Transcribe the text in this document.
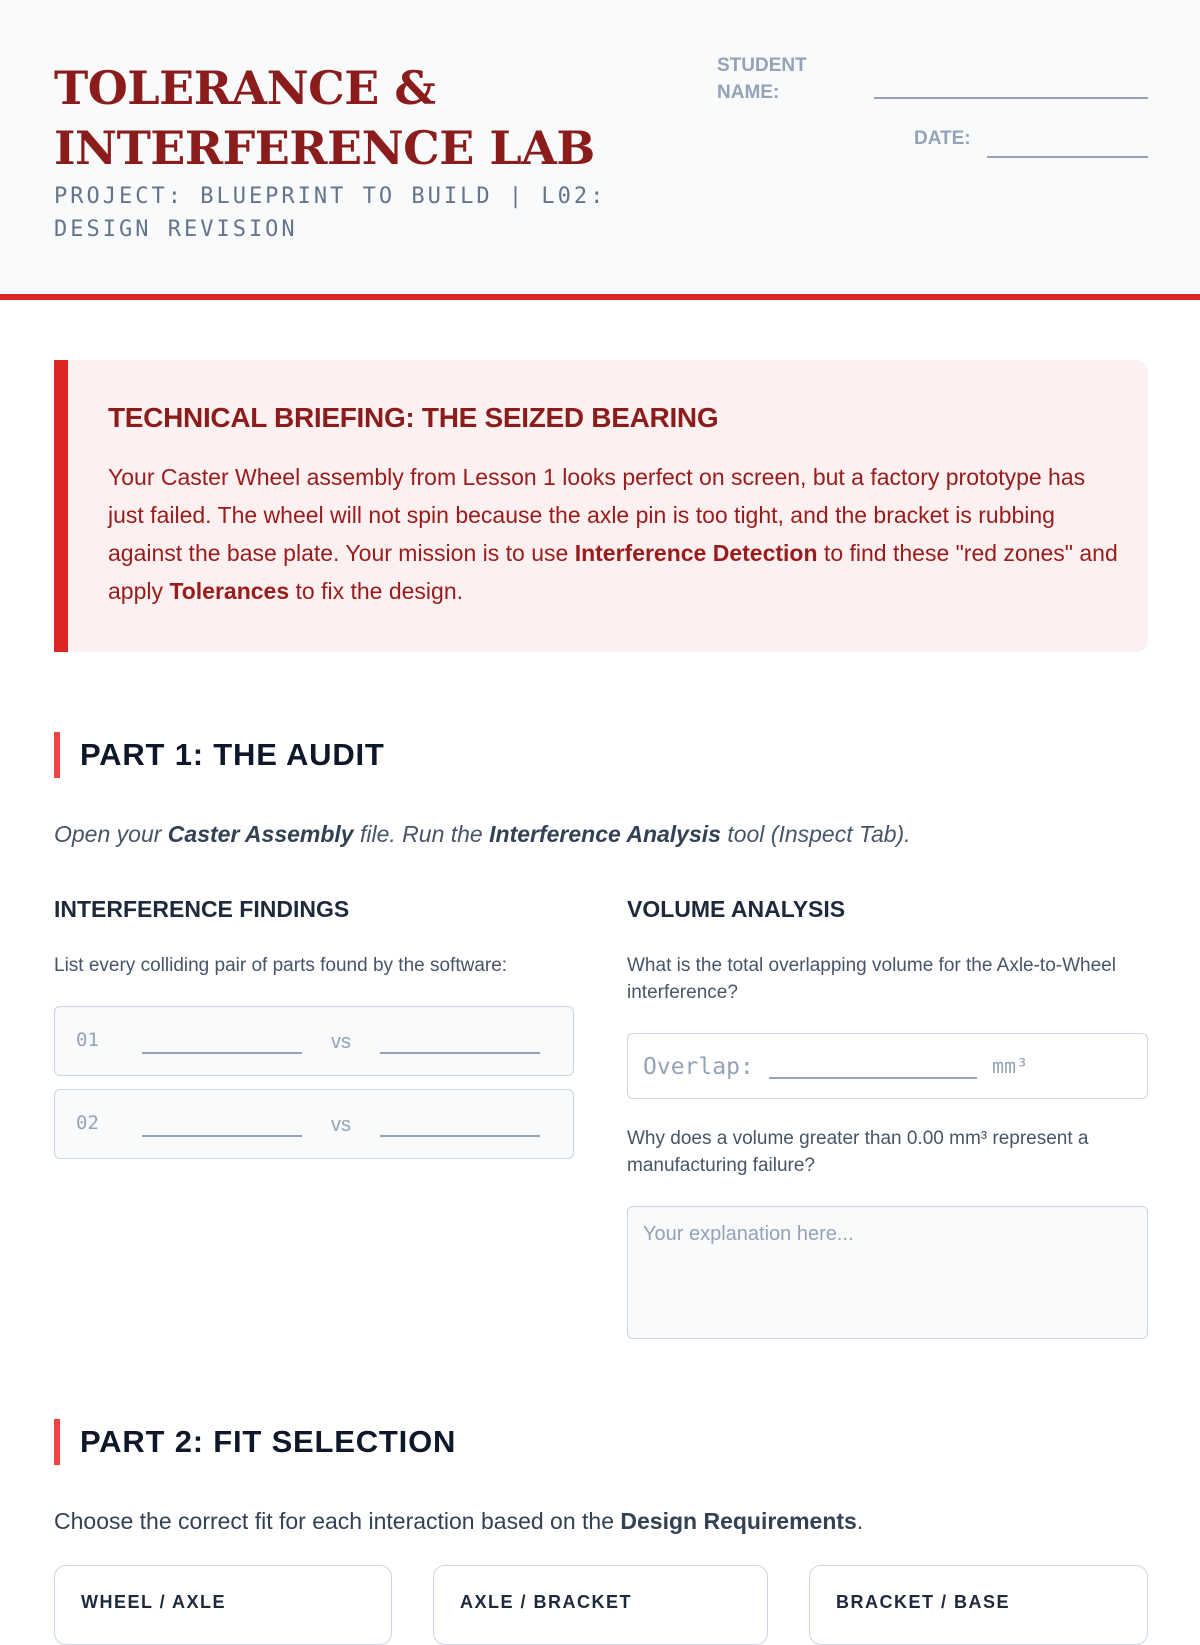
TOLERANCE &
INTERFERENCE LAB
PROJECT: BLUEPRINT TO BUILD | L02:
DESIGN REVISION
STUDENT
NAME:
DATE:
TECHNICAL BRIEFING: THE SEIZED BEARING
Your Caster Wheel assembly from Lesson 1 looks perfect on screen, but a factory prototype has just failed. The wheel will not spin because the axle pin is too tight, and the bracket is rubbing against the base plate. Your mission is to use Interference Detection to find these "red zones" and apply Tolerances to fix the design.
PART 1: THE AUDIT
Open your Caster Assembly file. Run the Interference Analysis tool (Inspect Tab).
INTERFERENCE FINDINGS
List every colliding pair of parts found by the software:
01	vs
02	vs
VOLUME ANALYSIS
What is the total overlapping volume for the Axle-to-Wheel interference?
Overlap:	mm³
Why does a volume greater than 0.00 mm³ represent a manufacturing failure?
Your explanation here...
PART 2: FIT SELECTION
Choose the correct fit for each interaction based on the Design Requirements.
WHEEL / AXLE	AXLE / BRACKET	BRACKET / BASE
